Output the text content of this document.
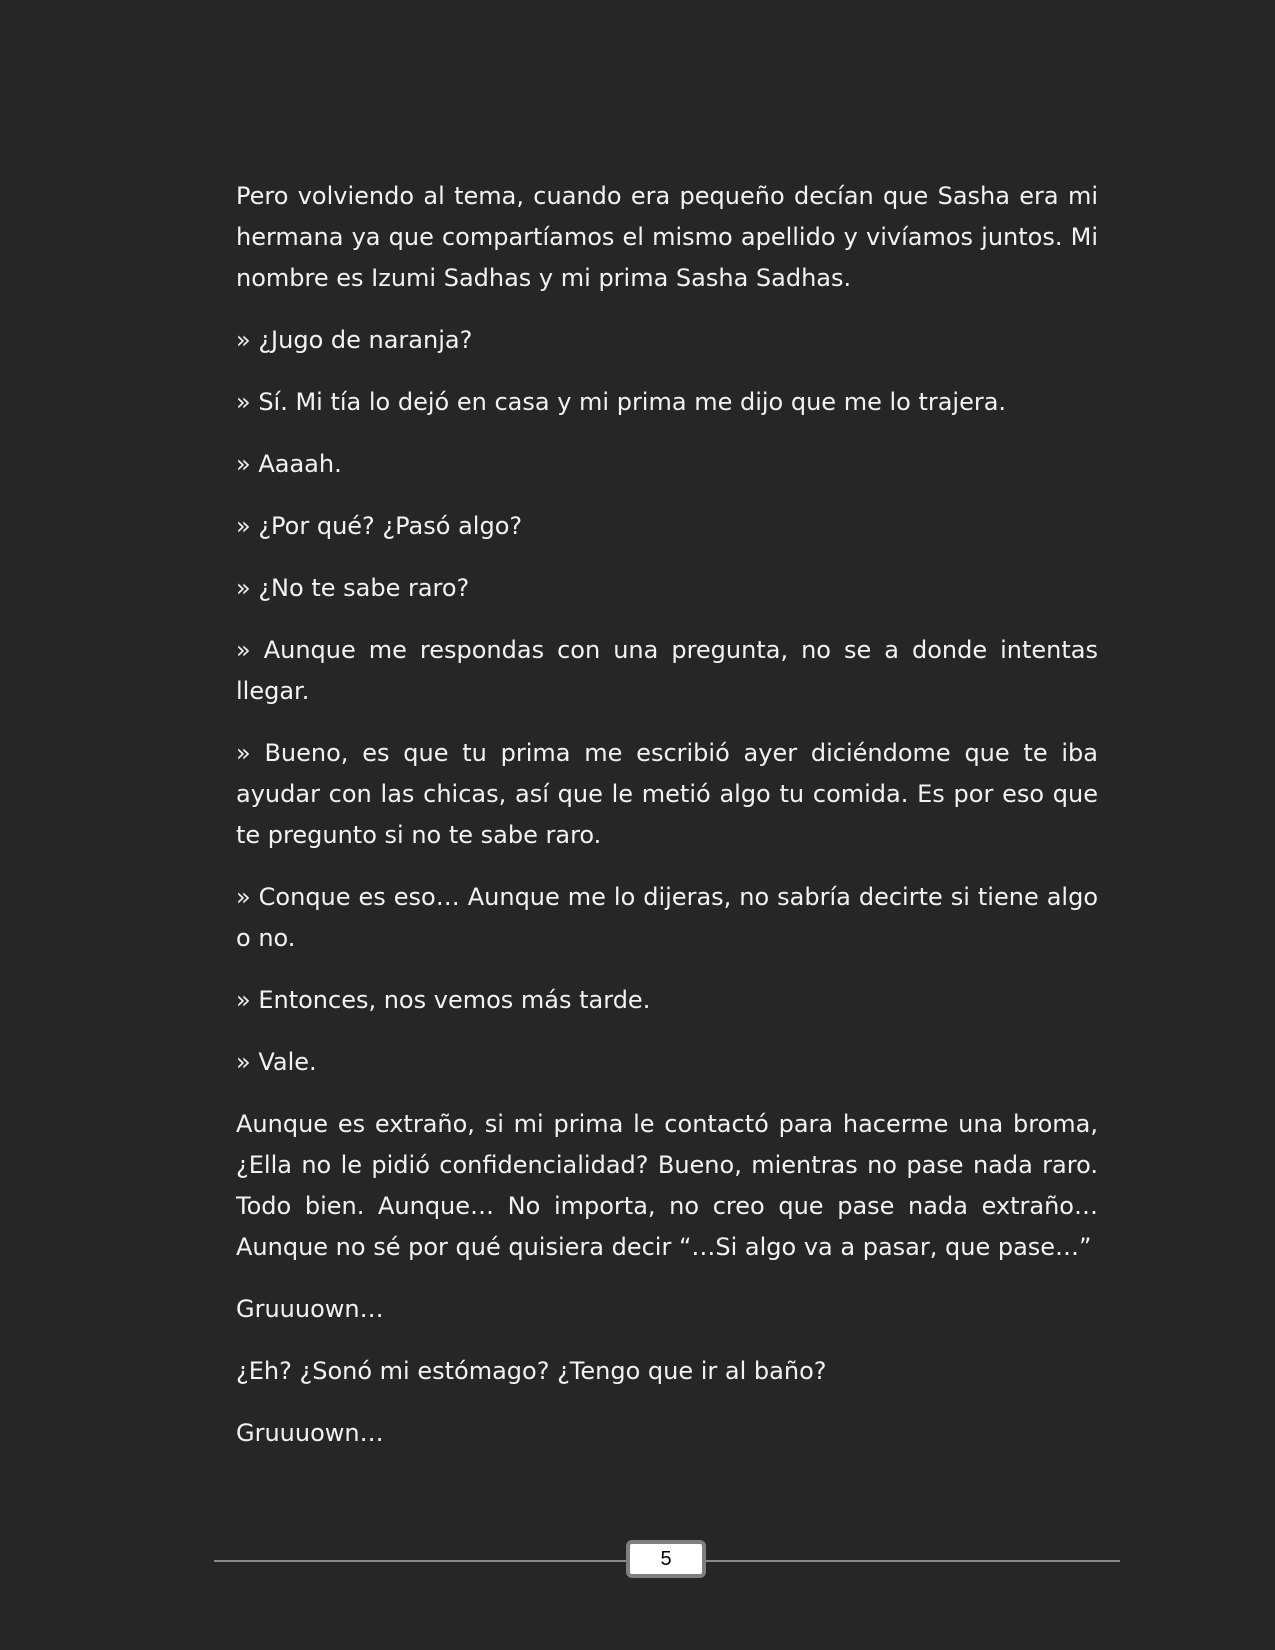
Pero volviendo al tema, cuando era pequeño decían que Sasha era mi hermana ya que compartíamos el mismo apellido y vivíamos juntos. Mi nombre es Izumi Sadhas y mi prima Sasha Sadhas.

» ¿Jugo de naranja?

» Sí. Mi tía lo dejó en casa y mi prima me dijo que me lo trajera.

» Aaaah.

» ¿Por qué? ¿Pasó algo?

» ¿No te sabe raro?

» Aunque me respondas con una pregunta, no se a donde intentas llegar.

» Bueno, es que tu prima me escribió ayer diciéndome que te iba ayudar con las chicas, así que le metió algo tu comida. Es por eso que te pregunto si no te sabe raro.

» Conque es eso… Aunque me lo dijeras, no sabría decirte si tiene algo o no.

» Entonces, nos vemos más tarde.

» Vale.

Aunque es extraño, si mi prima le contactó para hacerme una broma, ¿Ella no le pidió confidencialidad? Bueno, mientras no pase nada raro. Todo bien. Aunque… No importa, no creo que pase nada extraño… Aunque no sé por qué quisiera decir “…Si algo va a pasar, que pase…”

Gruuuown…

¿Eh? ¿Sonó mi estómago? ¿Tengo que ir al baño?

Gruuuown…

5
